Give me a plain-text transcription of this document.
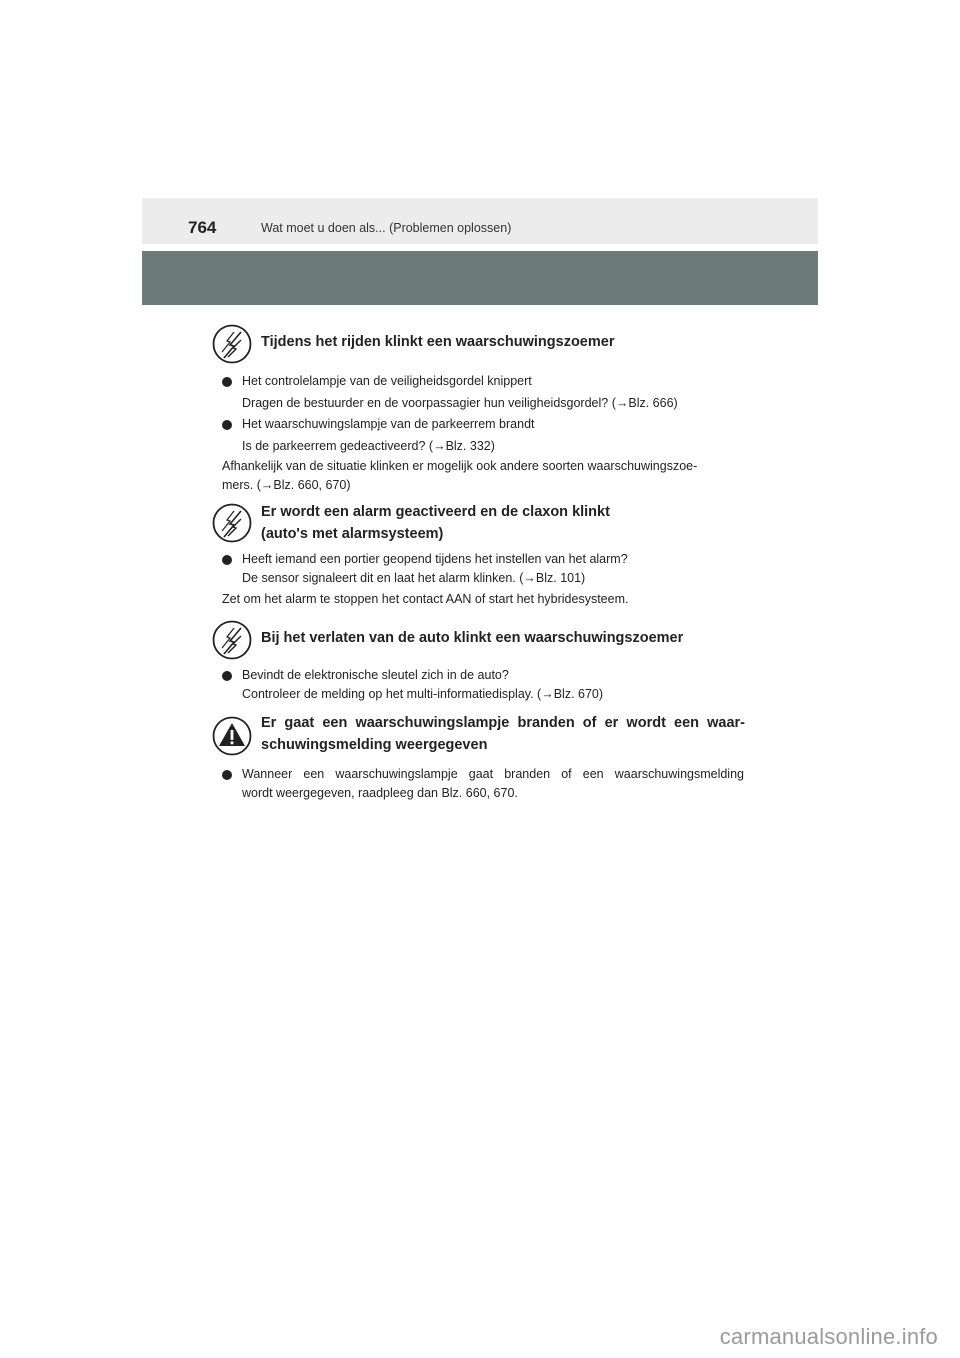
764	Wat moet u doen als... (Problemen oplossen)
Tijdens het rijden klinkt een waarschuwingszoemer
Het controlelampje van de veiligheidsgordel knippert
Dragen de bestuurder en de voorpassagier hun veiligheidsgordel? (→Blz. 666)
Het waarschuwingslampje van de parkeerrem brandt
Is de parkeerrem gedeactiveerd? (→Blz. 332)
Afhankelijk van de situatie klinken er mogelijk ook andere soorten waarschuwingszoe-
mers. (→Blz. 660, 670)
Er wordt een alarm geactiveerd en de claxon klinkt
(auto's met alarmsysteem)
Heeft iemand een portier geopend tijdens het instellen van het alarm?
De sensor signaleert dit en laat het alarm klinken. (→Blz. 101)
Zet om het alarm te stoppen het contact AAN of start het hybridesysteem.
Bij het verlaten van de auto klinkt een waarschuwingszoemer
Bevindt de elektronische sleutel zich in de auto?
Controleer de melding op het multi-informatiedisplay. (→Blz. 670)
Er gaat een waarschuwingslampje branden of er wordt een waar-
schuwingsmelding weergegeven
Wanneer een waarschuwingslampje gaat branden of een waarschuwingsmelding
wordt weergegeven, raadpleeg dan Blz. 660, 670.
carmanualsonline.info
